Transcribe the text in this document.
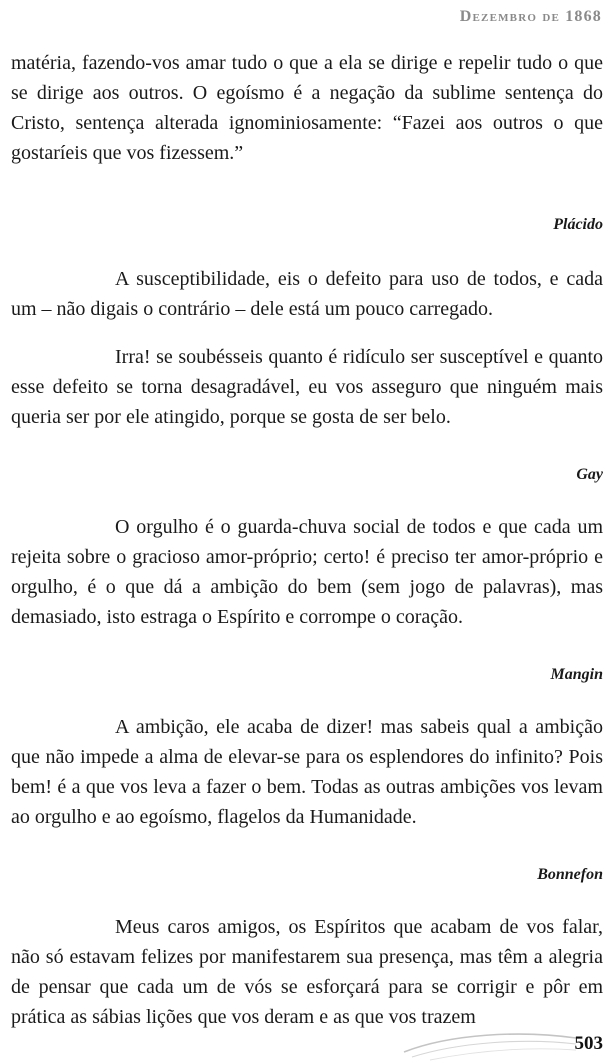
Dezembro de 1868

matéria, fazendo-vos amar tudo o que a ela se dirige e repelir tudo o que se dirige aos outros. O egoísmo é a negação da sublime sentença do Cristo, sentença alterada ignominiosamente: “Fazei aos outros o que gostaríeis que vos fizessem.”

Plácido

A susceptibilidade, eis o defeito para uso de todos, e cada um – não digais o contrário – dele está um pouco carregado.

Irra! se soubésseis quanto é ridículo ser susceptível e quanto esse defeito se torna desagradável, eu vos asseguro que ninguém mais queria ser por ele atingido, porque se gosta de ser belo.

Gay

O orgulho é o guarda-chuva social de todos e que cada um rejeita sobre o gracioso amor-próprio; certo! é preciso ter amor-próprio e orgulho, é o que dá a ambição do bem (sem jogo de palavras), mas demasiado, isto estraga o Espírito e corrompe o coração.

Mangin

A ambição, ele acaba de dizer! mas sabeis qual a ambição que não impede a alma de elevar-se para os esplendores do infinito? Pois bem! é a que vos leva a fazer o bem. Todas as outras ambições vos levam ao orgulho e ao egoísmo, flagelos da Humanidade.

Bonnefon

Meus caros amigos, os Espíritos que acabam de vos falar, não só estavam felizes por manifestarem sua presença, mas têm a alegria de pensar que cada um de vós se esforçará para se corrigir e pôr em prática as sábias lições que vos deram e as que vos trazem

503
